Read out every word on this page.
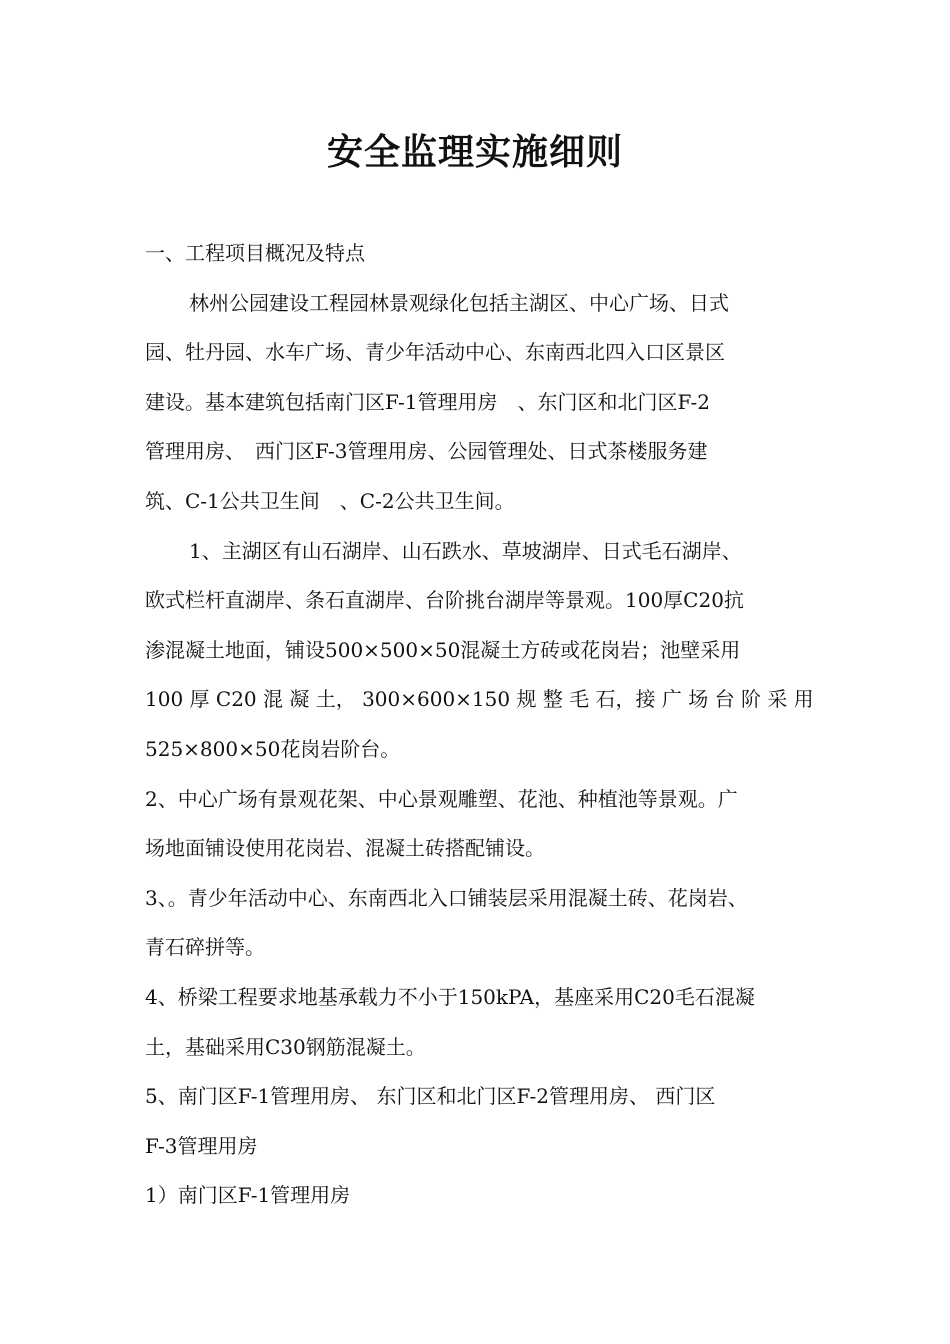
安全监理实施细则
一、工程项目概况及特点
林州公园建设工程园林景观绿化包括主湖区、中心广场、日式
园、牡丹园、水车广场、青少年活动中心、东南西北四入口区景区
建设。基本建筑包括南门区F-1管理用房　、东门区和北门区F-2
管理用房、　西门区F-3管理用房、公园管理处、日式茶楼服务建
筑、C-1公共卫生间　、C-2公共卫生间。
1、主湖区有山石湖岸、山石跌水、草坡湖岸、日式毛石湖岸、
欧式栏杆直湖岸、条石直湖岸、台阶挑台湖岸等景观。100厚C20抗
渗混凝土地面，铺设500×500×50混凝土方砖或花岗岩；池壁采用
100 厚 C20 混 凝 土， 300×600×150 规 整 毛 石，接 广 场 台 阶 采 用
525×800×50花岗岩阶台。
2、中心广场有景观花架、中心景观雕塑、花池、种植池等景观。广
场地面铺设使用花岗岩、混凝土砖搭配铺设。
3、。青少年活动中心、东南西北入口铺装层采用混凝土砖、花岗岩、
青石碎拼等。
4、桥梁工程要求地基承载力不小于150kPA，基座采用C20毛石混凝
土，基础采用C30钢筋混凝土。
5、南门区F-1管理用房、 东门区和北门区F-2管理用房、 西门区
F-3管理用房
1）南门区F-1管理用房
